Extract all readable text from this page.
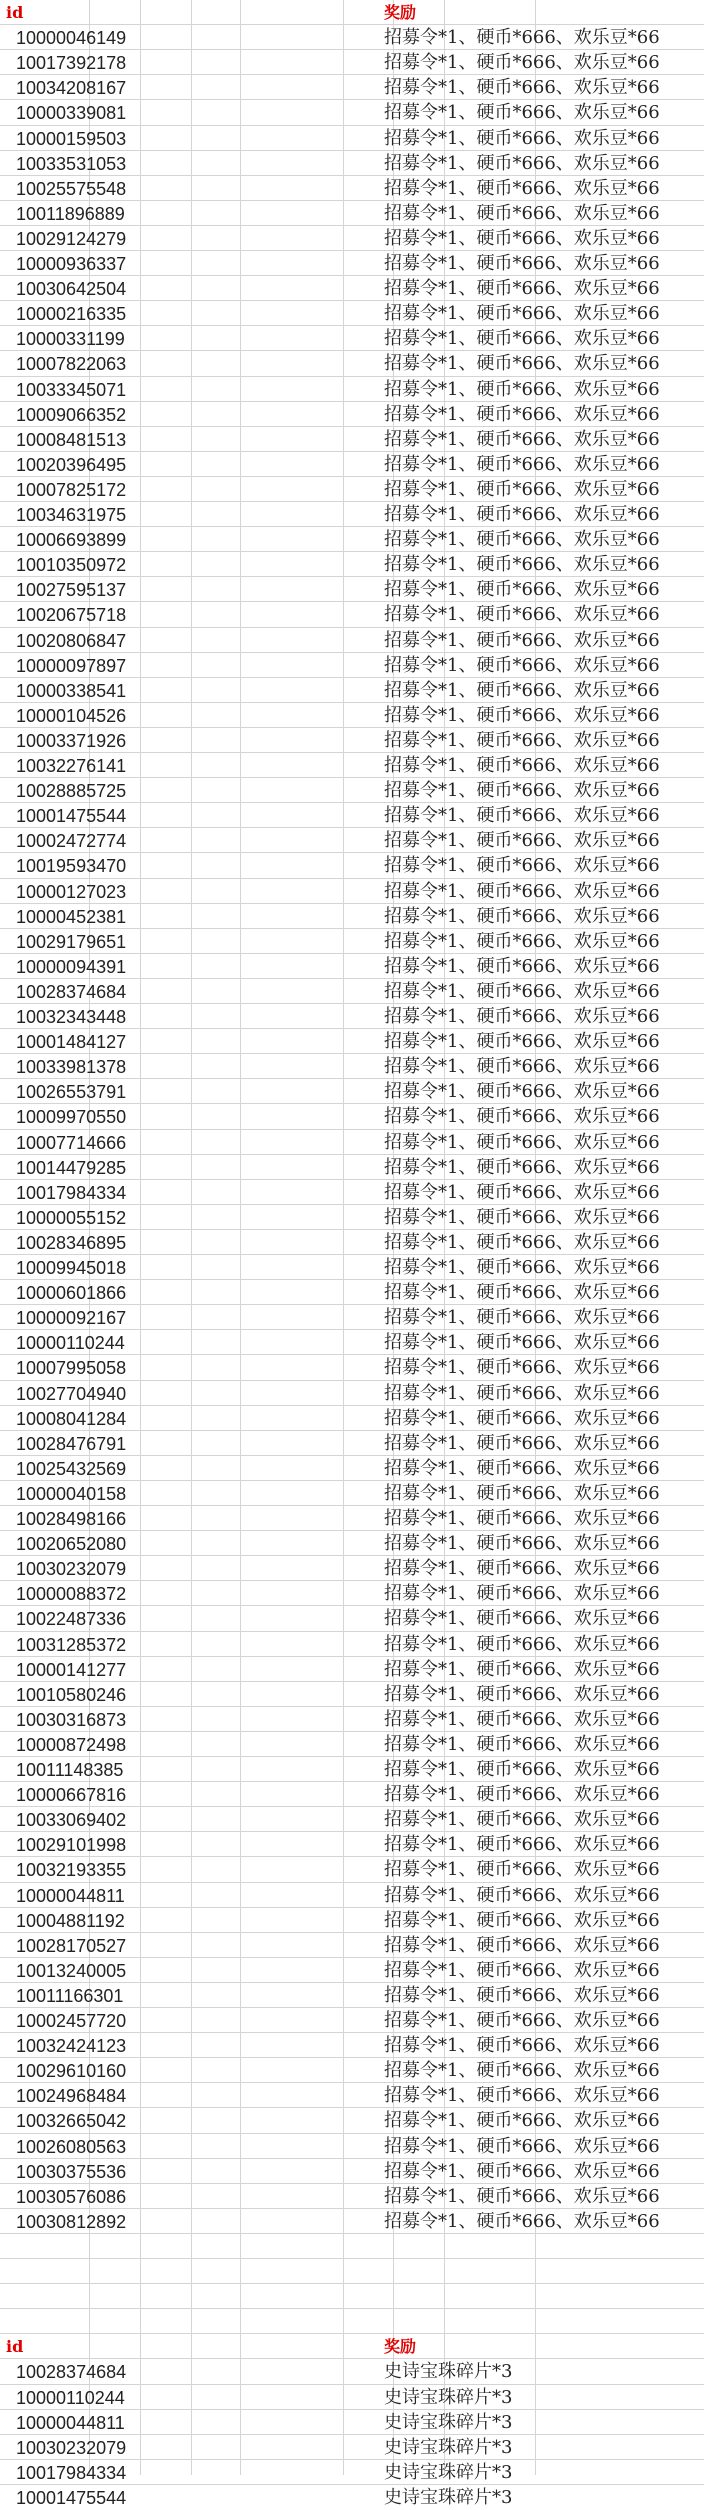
id	奖励
10000046149	招募令*1、硬币*666、欢乐豆*66
10017392178	招募令*1、硬币*666、欢乐豆*66
10034208167	招募令*1、硬币*666、欢乐豆*66
10000339081	招募令*1、硬币*666、欢乐豆*66
10000159503	招募令*1、硬币*666、欢乐豆*66
10033531053	招募令*1、硬币*666、欢乐豆*66
10025575548	招募令*1、硬币*666、欢乐豆*66
10011896889	招募令*1、硬币*666、欢乐豆*66
10029124279	招募令*1、硬币*666、欢乐豆*66
10000936337	招募令*1、硬币*666、欢乐豆*66
10030642504	招募令*1、硬币*666、欢乐豆*66
10000216335	招募令*1、硬币*666、欢乐豆*66
10000331199	招募令*1、硬币*666、欢乐豆*66
10007822063	招募令*1、硬币*666、欢乐豆*66
10033345071	招募令*1、硬币*666、欢乐豆*66
10009066352	招募令*1、硬币*666、欢乐豆*66
10008481513	招募令*1、硬币*666、欢乐豆*66
10020396495	招募令*1、硬币*666、欢乐豆*66
10007825172	招募令*1、硬币*666、欢乐豆*66
10034631975	招募令*1、硬币*666、欢乐豆*66
10006693899	招募令*1、硬币*666、欢乐豆*66
10010350972	招募令*1、硬币*666、欢乐豆*66
10027595137	招募令*1、硬币*666、欢乐豆*66
10020675718	招募令*1、硬币*666、欢乐豆*66
10020806847	招募令*1、硬币*666、欢乐豆*66
10000097897	招募令*1、硬币*666、欢乐豆*66
10000338541	招募令*1、硬币*666、欢乐豆*66
10000104526	招募令*1、硬币*666、欢乐豆*66
10003371926	招募令*1、硬币*666、欢乐豆*66
10032276141	招募令*1、硬币*666、欢乐豆*66
10028885725	招募令*1、硬币*666、欢乐豆*66
10001475544	招募令*1、硬币*666、欢乐豆*66
10002472774	招募令*1、硬币*666、欢乐豆*66
10019593470	招募令*1、硬币*666、欢乐豆*66
10000127023	招募令*1、硬币*666、欢乐豆*66
10000452381	招募令*1、硬币*666、欢乐豆*66
10029179651	招募令*1、硬币*666、欢乐豆*66
10000094391	招募令*1、硬币*666、欢乐豆*66
10028374684	招募令*1、硬币*666、欢乐豆*66
10032343448	招募令*1、硬币*666、欢乐豆*66
10001484127	招募令*1、硬币*666、欢乐豆*66
10033981378	招募令*1、硬币*666、欢乐豆*66
10026553791	招募令*1、硬币*666、欢乐豆*66
10009970550	招募令*1、硬币*666、欢乐豆*66
10007714666	招募令*1、硬币*666、欢乐豆*66
10014479285	招募令*1、硬币*666、欢乐豆*66
10017984334	招募令*1、硬币*666、欢乐豆*66
10000055152	招募令*1、硬币*666、欢乐豆*66
10028346895	招募令*1、硬币*666、欢乐豆*66
10009945018	招募令*1、硬币*666、欢乐豆*66
10000601866	招募令*1、硬币*666、欢乐豆*66
10000092167	招募令*1、硬币*666、欢乐豆*66
10000110244	招募令*1、硬币*666、欢乐豆*66
10007995058	招募令*1、硬币*666、欢乐豆*66
10027704940	招募令*1、硬币*666、欢乐豆*66
10008041284	招募令*1、硬币*666、欢乐豆*66
10028476791	招募令*1、硬币*666、欢乐豆*66
10025432569	招募令*1、硬币*666、欢乐豆*66
10000040158	招募令*1、硬币*666、欢乐豆*66
10028498166	招募令*1、硬币*666、欢乐豆*66
10020652080	招募令*1、硬币*666、欢乐豆*66
10030232079	招募令*1、硬币*666、欢乐豆*66
10000088372	招募令*1、硬币*666、欢乐豆*66
10022487336	招募令*1、硬币*666、欢乐豆*66
10031285372	招募令*1、硬币*666、欢乐豆*66
10000141277	招募令*1、硬币*666、欢乐豆*66
10010580246	招募令*1、硬币*666、欢乐豆*66
10030316873	招募令*1、硬币*666、欢乐豆*66
10000872498	招募令*1、硬币*666、欢乐豆*66
10011148385	招募令*1、硬币*666、欢乐豆*66
10000667816	招募令*1、硬币*666、欢乐豆*66
10033069402	招募令*1、硬币*666、欢乐豆*66
10029101998	招募令*1、硬币*666、欢乐豆*66
10032193355	招募令*1、硬币*666、欢乐豆*66
10000044811	招募令*1、硬币*666、欢乐豆*66
10004881192	招募令*1、硬币*666、欢乐豆*66
10028170527	招募令*1、硬币*666、欢乐豆*66
10013240005	招募令*1、硬币*666、欢乐豆*66
10011166301	招募令*1、硬币*666、欢乐豆*66
10002457720	招募令*1、硬币*666、欢乐豆*66
10032424123	招募令*1、硬币*666、欢乐豆*66
10029610160	招募令*1、硬币*666、欢乐豆*66
10024968484	招募令*1、硬币*666、欢乐豆*66
10032665042	招募令*1、硬币*666、欢乐豆*66
10026080563	招募令*1、硬币*666、欢乐豆*66
10030375536	招募令*1、硬币*666、欢乐豆*66
10030576086	招募令*1、硬币*666、欢乐豆*66
10030812892	招募令*1、硬币*666、欢乐豆*66
id	奖励
10028374684	史诗宝珠碎片*3
10000110244	史诗宝珠碎片*3
10000044811	史诗宝珠碎片*3
10030232079	史诗宝珠碎片*3
10017984334	史诗宝珠碎片*3
10001475544	史诗宝珠碎片*3
